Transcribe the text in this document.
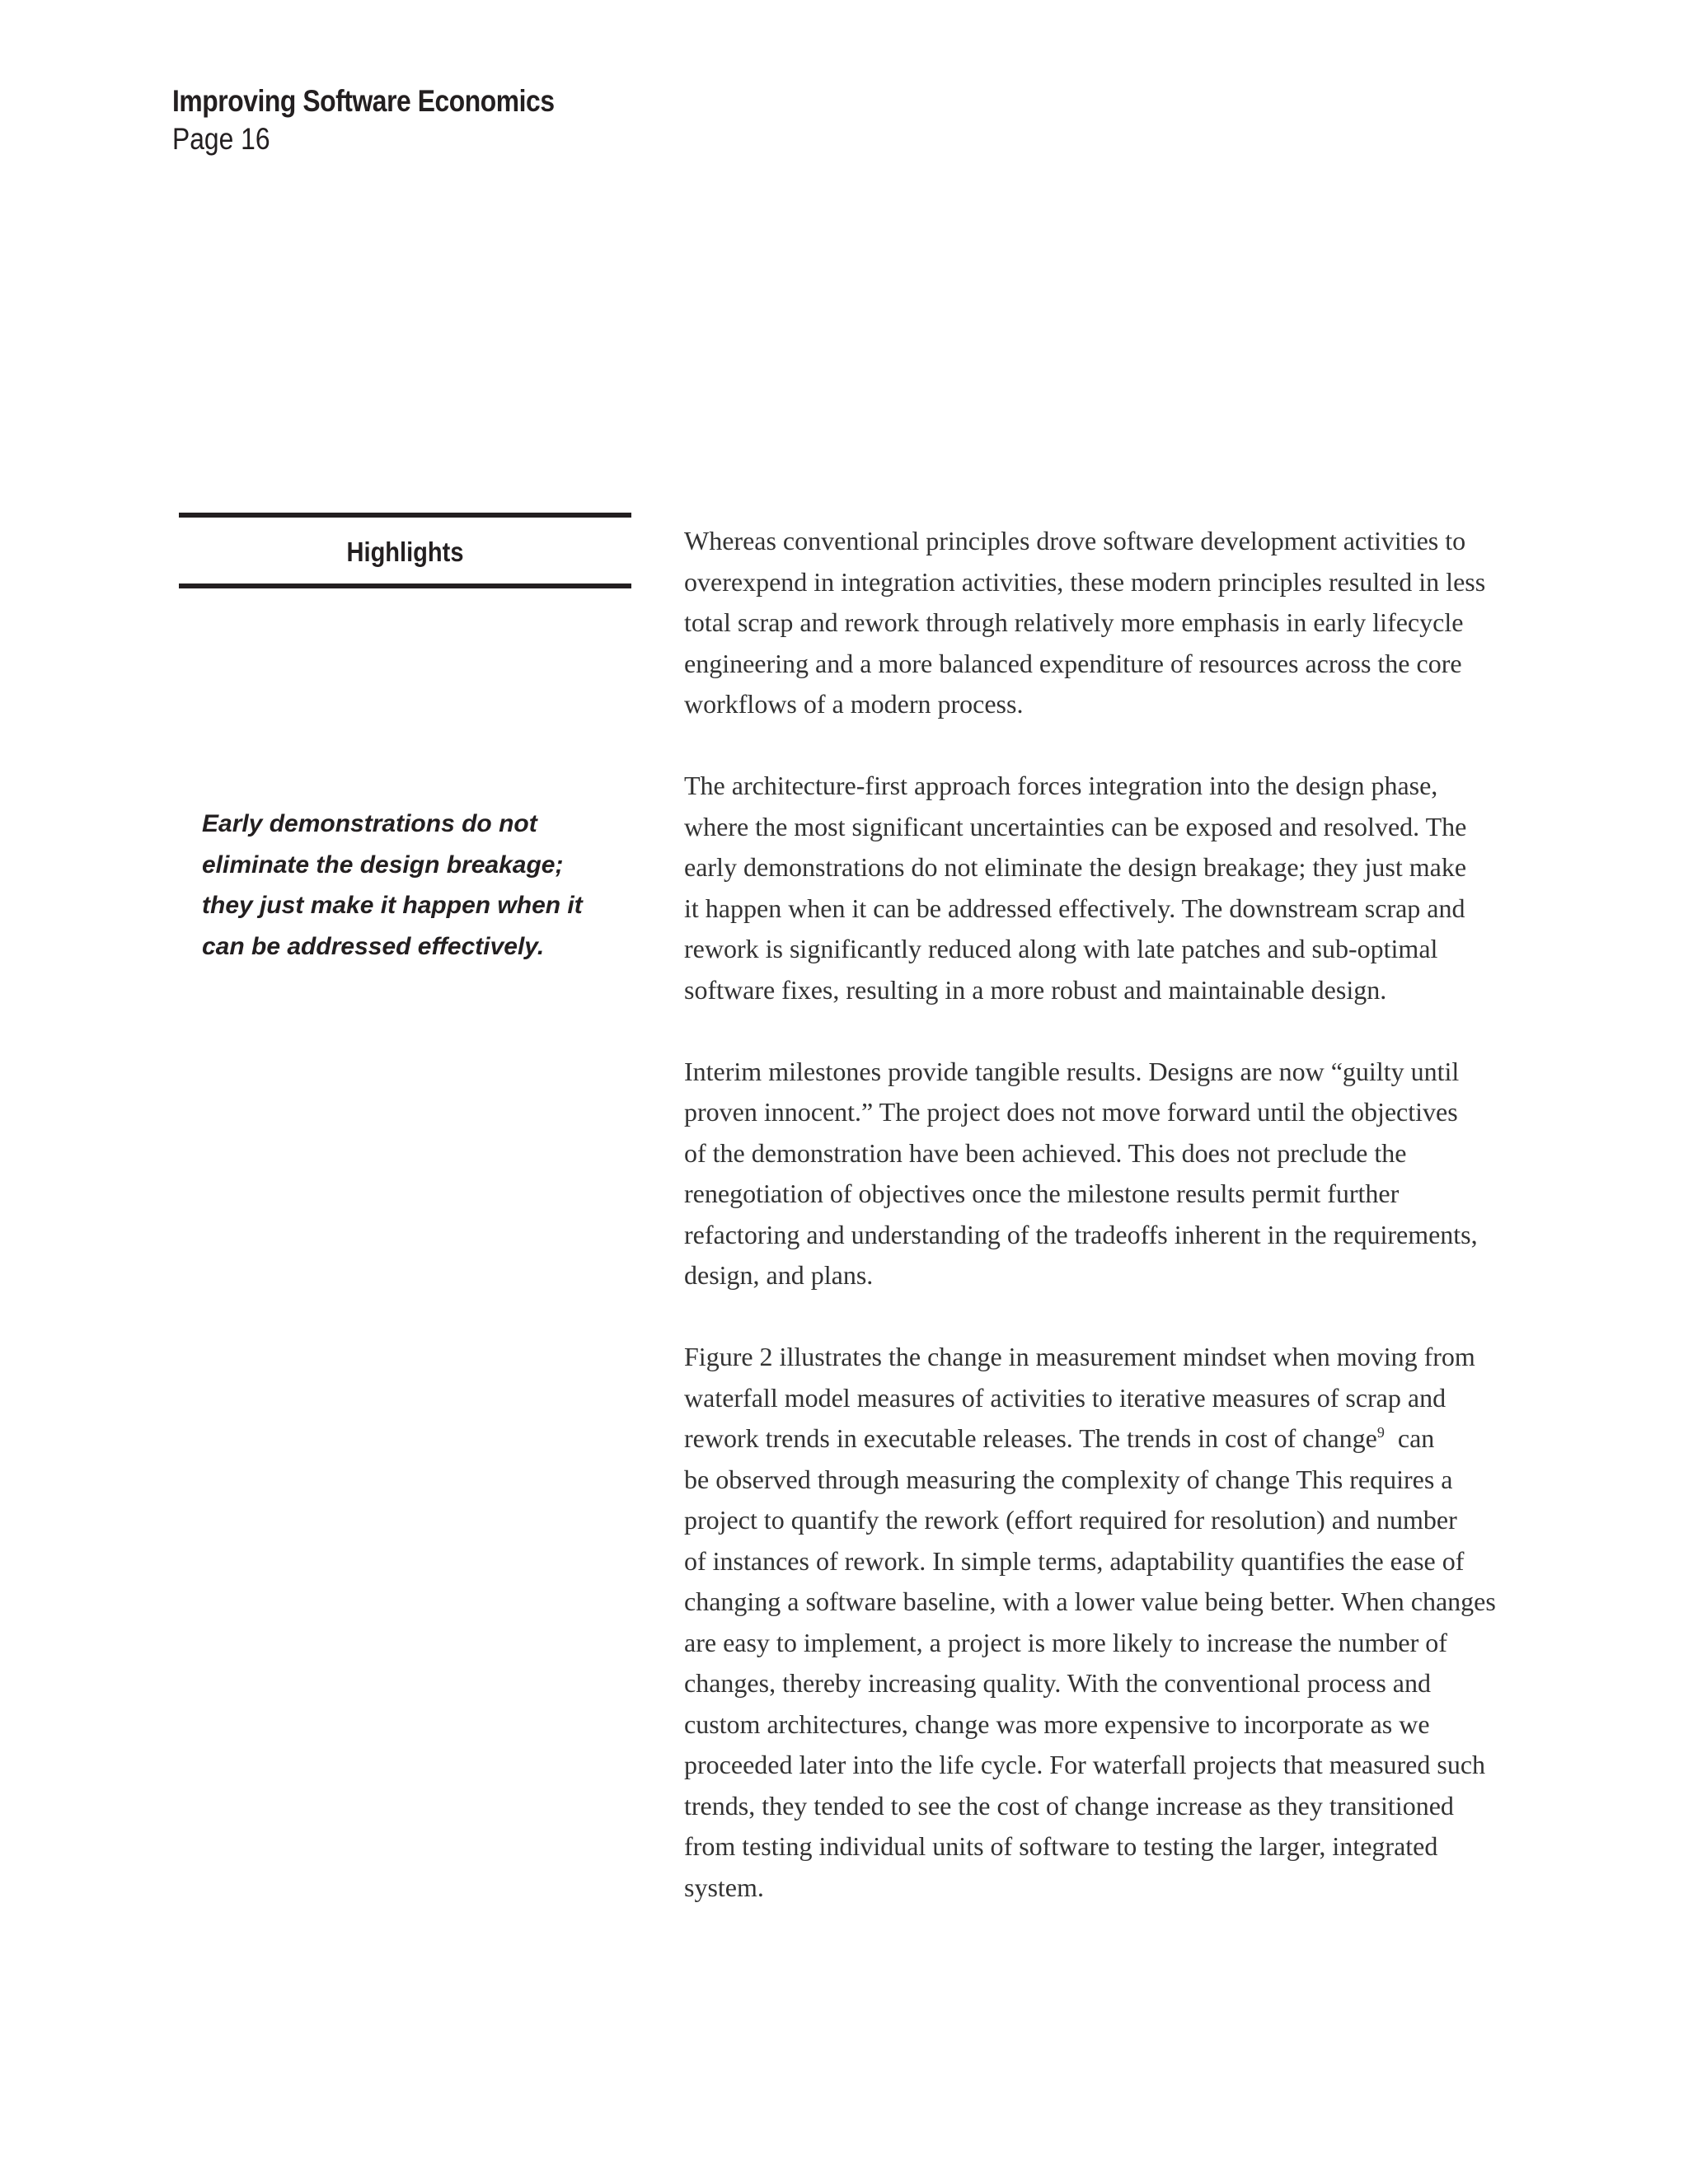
Improving Software Economics
Page 16
Highlights
Early demonstrations do not
eliminate the design breakage;
they just make it happen when it
can be addressed effectively.

Whereas conventional principles drove software development activities to
overexpend in integration activities, these modern principles resulted in less
total scrap and rework through relatively more emphasis in early lifecycle
engineering and a more balanced expenditure of resources across the core
workflows of a modern process.

The architecture-first approach forces integration into the design phase,
where the most significant uncertainties can be exposed and resolved. The
early demonstrations do not eliminate the design breakage; they just make
it happen when it can be addressed effectively. The downstream scrap and
rework is significantly reduced along with late patches and sub-optimal
software fixes, resulting in a more robust and maintainable design.

Interim milestones provide tangible results. Designs are now “guilty until
proven innocent.” The project does not move forward until the objectives
of the demonstration have been achieved. This does not preclude the
renegotiation of objectives once the milestone results permit further
refactoring and understanding of the tradeoffs inherent in the requirements,
design, and plans.

Figure 2 illustrates the change in measurement mindset when moving from
waterfall model measures of activities to iterative measures of scrap and
rework trends in executable releases. The trends in cost of change$^9$ can
be observed through measuring the complexity of change This requires a
project to quantify the rework (effort required for resolution) and number
of instances of rework. In simple terms, adaptability quantifies the ease of
changing a software baseline, with a lower value being better. When changes
are easy to implement, a project is more likely to increase the number of
changes, thereby increasing quality. With the conventional process and
custom architectures, change was more expensive to incorporate as we
proceeded later into the life cycle. For waterfall projects that measured such
trends, they tended to see the cost of change increase as they transitioned
from testing individual units of software to testing the larger, integrated
system.
